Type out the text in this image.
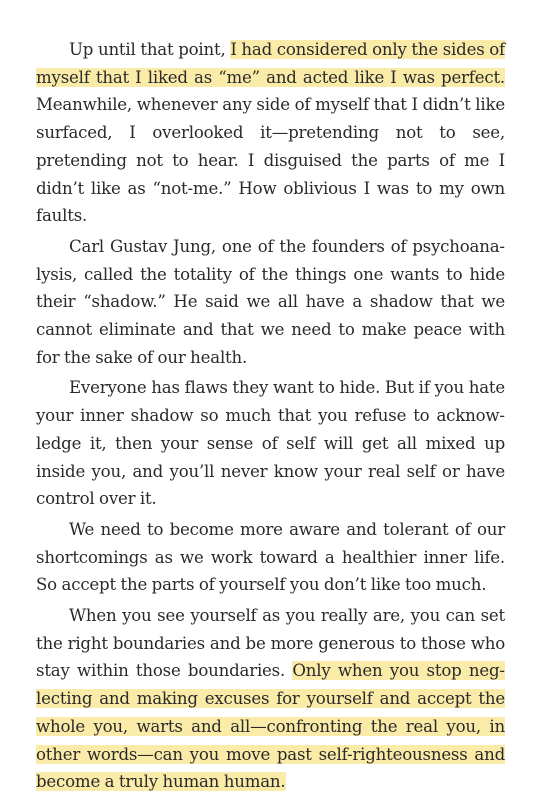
Up until that point, I had considered only the sides of myself that I liked as “me” and acted like I was perfect. Meanwhile, whenever any side of myself that I didn’t like surfaced, I overlooked it—pretending not to see, pretending not to hear. I disguised the parts of me I didn’t like as “not-me.” How oblivious I was to my own faults.

Carl Gustav Jung, one of the founders of psychoanalysis, called the totality of the things one wants to hide their “shadow.” He said we all have a shadow that we cannot eliminate and that we need to make peace with for the sake of our health.

Everyone has flaws they want to hide. But if you hate your inner shadow so much that you refuse to acknowledge it, then your sense of self will get all mixed up inside you, and you’ll never know your real self or have control over it.

We need to become more aware and tolerant of our shortcomings as we work toward a healthier inner life. So accept the parts of yourself you don’t like too much.

When you see yourself as you really are, you can set the right boundaries and be more generous to those who stay within those boundaries. Only when you stop neglecting and making excuses for yourself and accept the whole you, warts and all—confronting the real you, in other words—can you move past self-righteousness and become a truly human human.
